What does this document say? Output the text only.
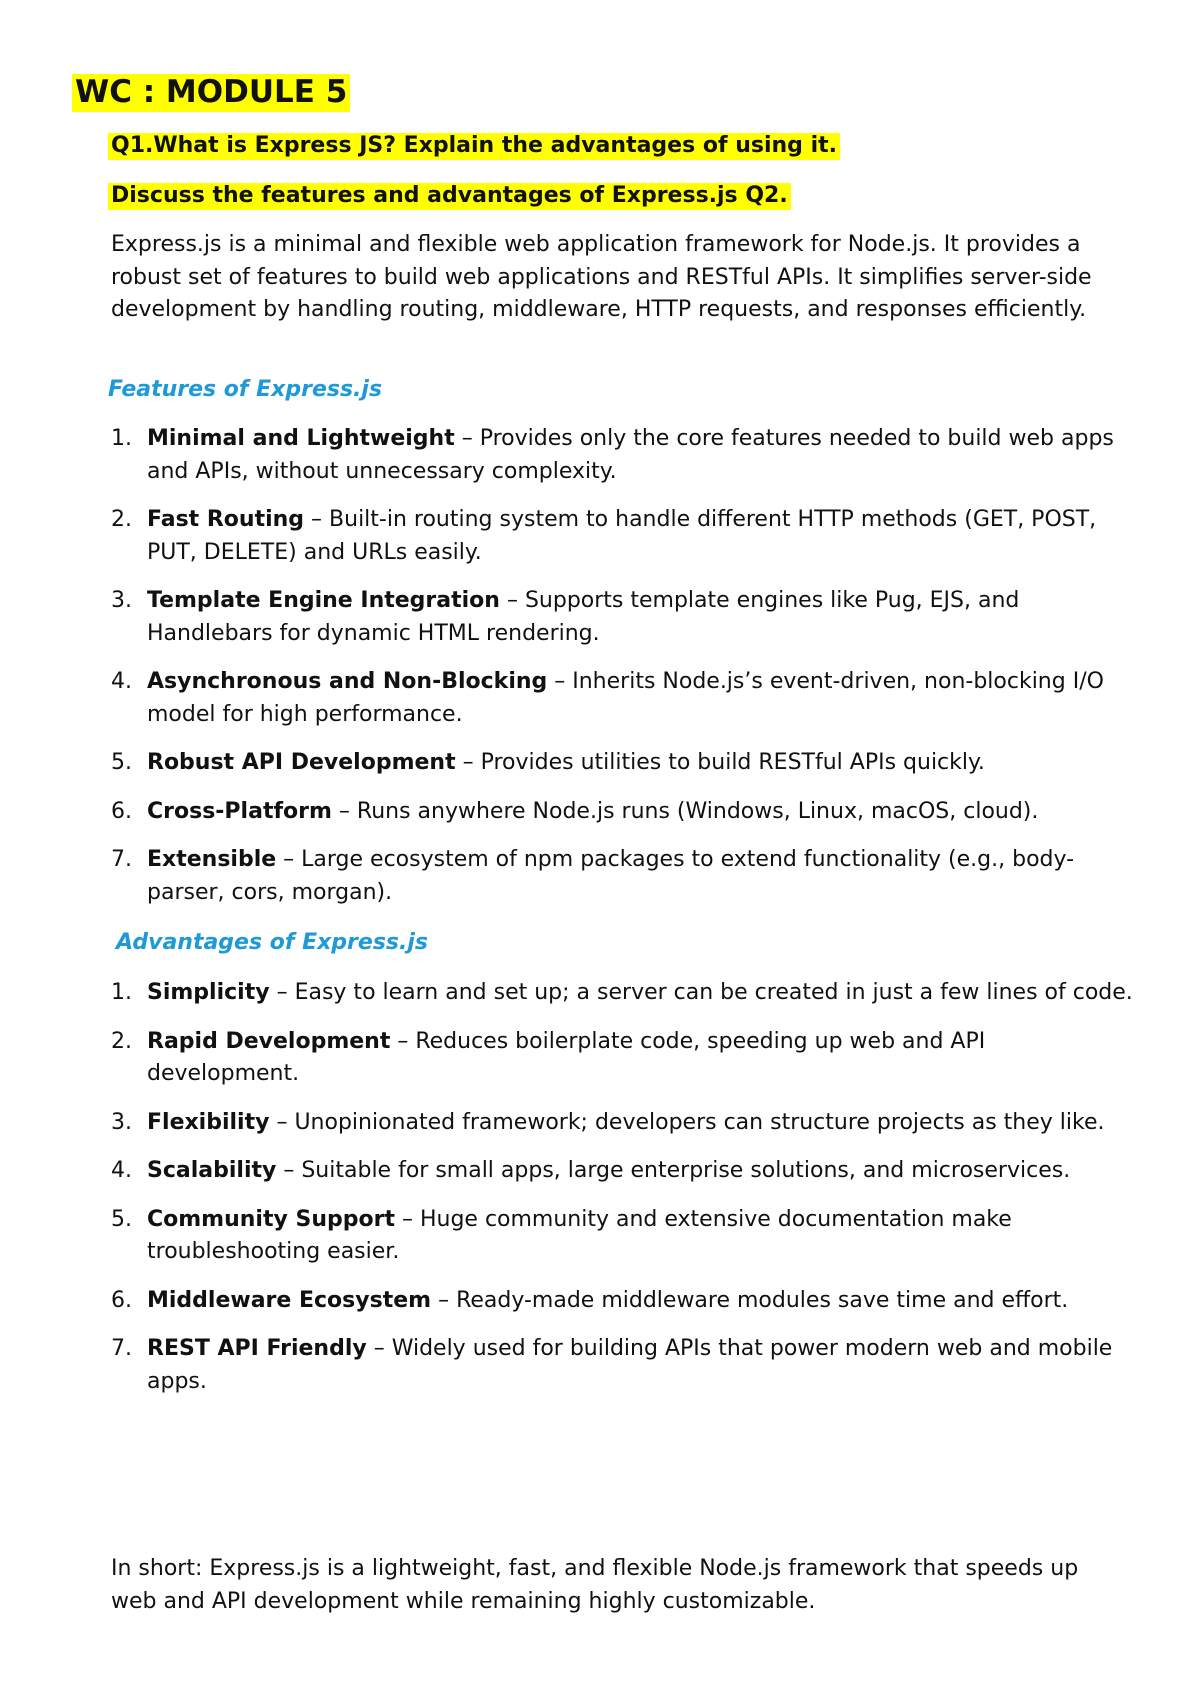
WC : MODULE 5

Q1.What is Express JS? Explain the advantages of using it.

Discuss the features and advantages of Express.js Q2.

Express.js is a minimal and flexible web application framework for Node.js. It provides a robust set of features to build web applications and RESTful APIs. It simplifies server-side development by handling routing, middleware, HTTP requests, and responses efficiently.

Features of Express.js
1. Minimal and Lightweight – Provides only the core features needed to build web apps and APIs, without unnecessary complexity.
2. Fast Routing – Built-in routing system to handle different HTTP methods (GET, POST, PUT, DELETE) and URLs easily.
3. Template Engine Integration – Supports template engines like Pug, EJS, and Handlebars for dynamic HTML rendering.
4. Asynchronous and Non-Blocking – Inherits Node.js’s event-driven, non-blocking I/O model for high performance.
5. Robust API Development – Provides utilities to build RESTful APIs quickly.
6. Cross-Platform – Runs anywhere Node.js runs (Windows, Linux, macOS, cloud).
7. Extensible – Large ecosystem of npm packages to extend functionality (e.g., body-parser, cors, morgan).
Advantages of Express.js
1. Simplicity – Easy to learn and set up; a server can be created in just a few lines of code.
2. Rapid Development – Reduces boilerplate code, speeding up web and API development.
3. Flexibility – Unopinionated framework; developers can structure projects as they like.
4. Scalability – Suitable for small apps, large enterprise solutions, and microservices.
5. Community Support – Huge community and extensive documentation make troubleshooting easier.
6. Middleware Ecosystem – Ready-made middleware modules save time and effort.
7. REST API Friendly – Widely used for building APIs that power modern web and mobile apps.

In short: Express.js is a lightweight, fast, and flexible Node.js framework that speeds up web and API development while remaining highly customizable.
